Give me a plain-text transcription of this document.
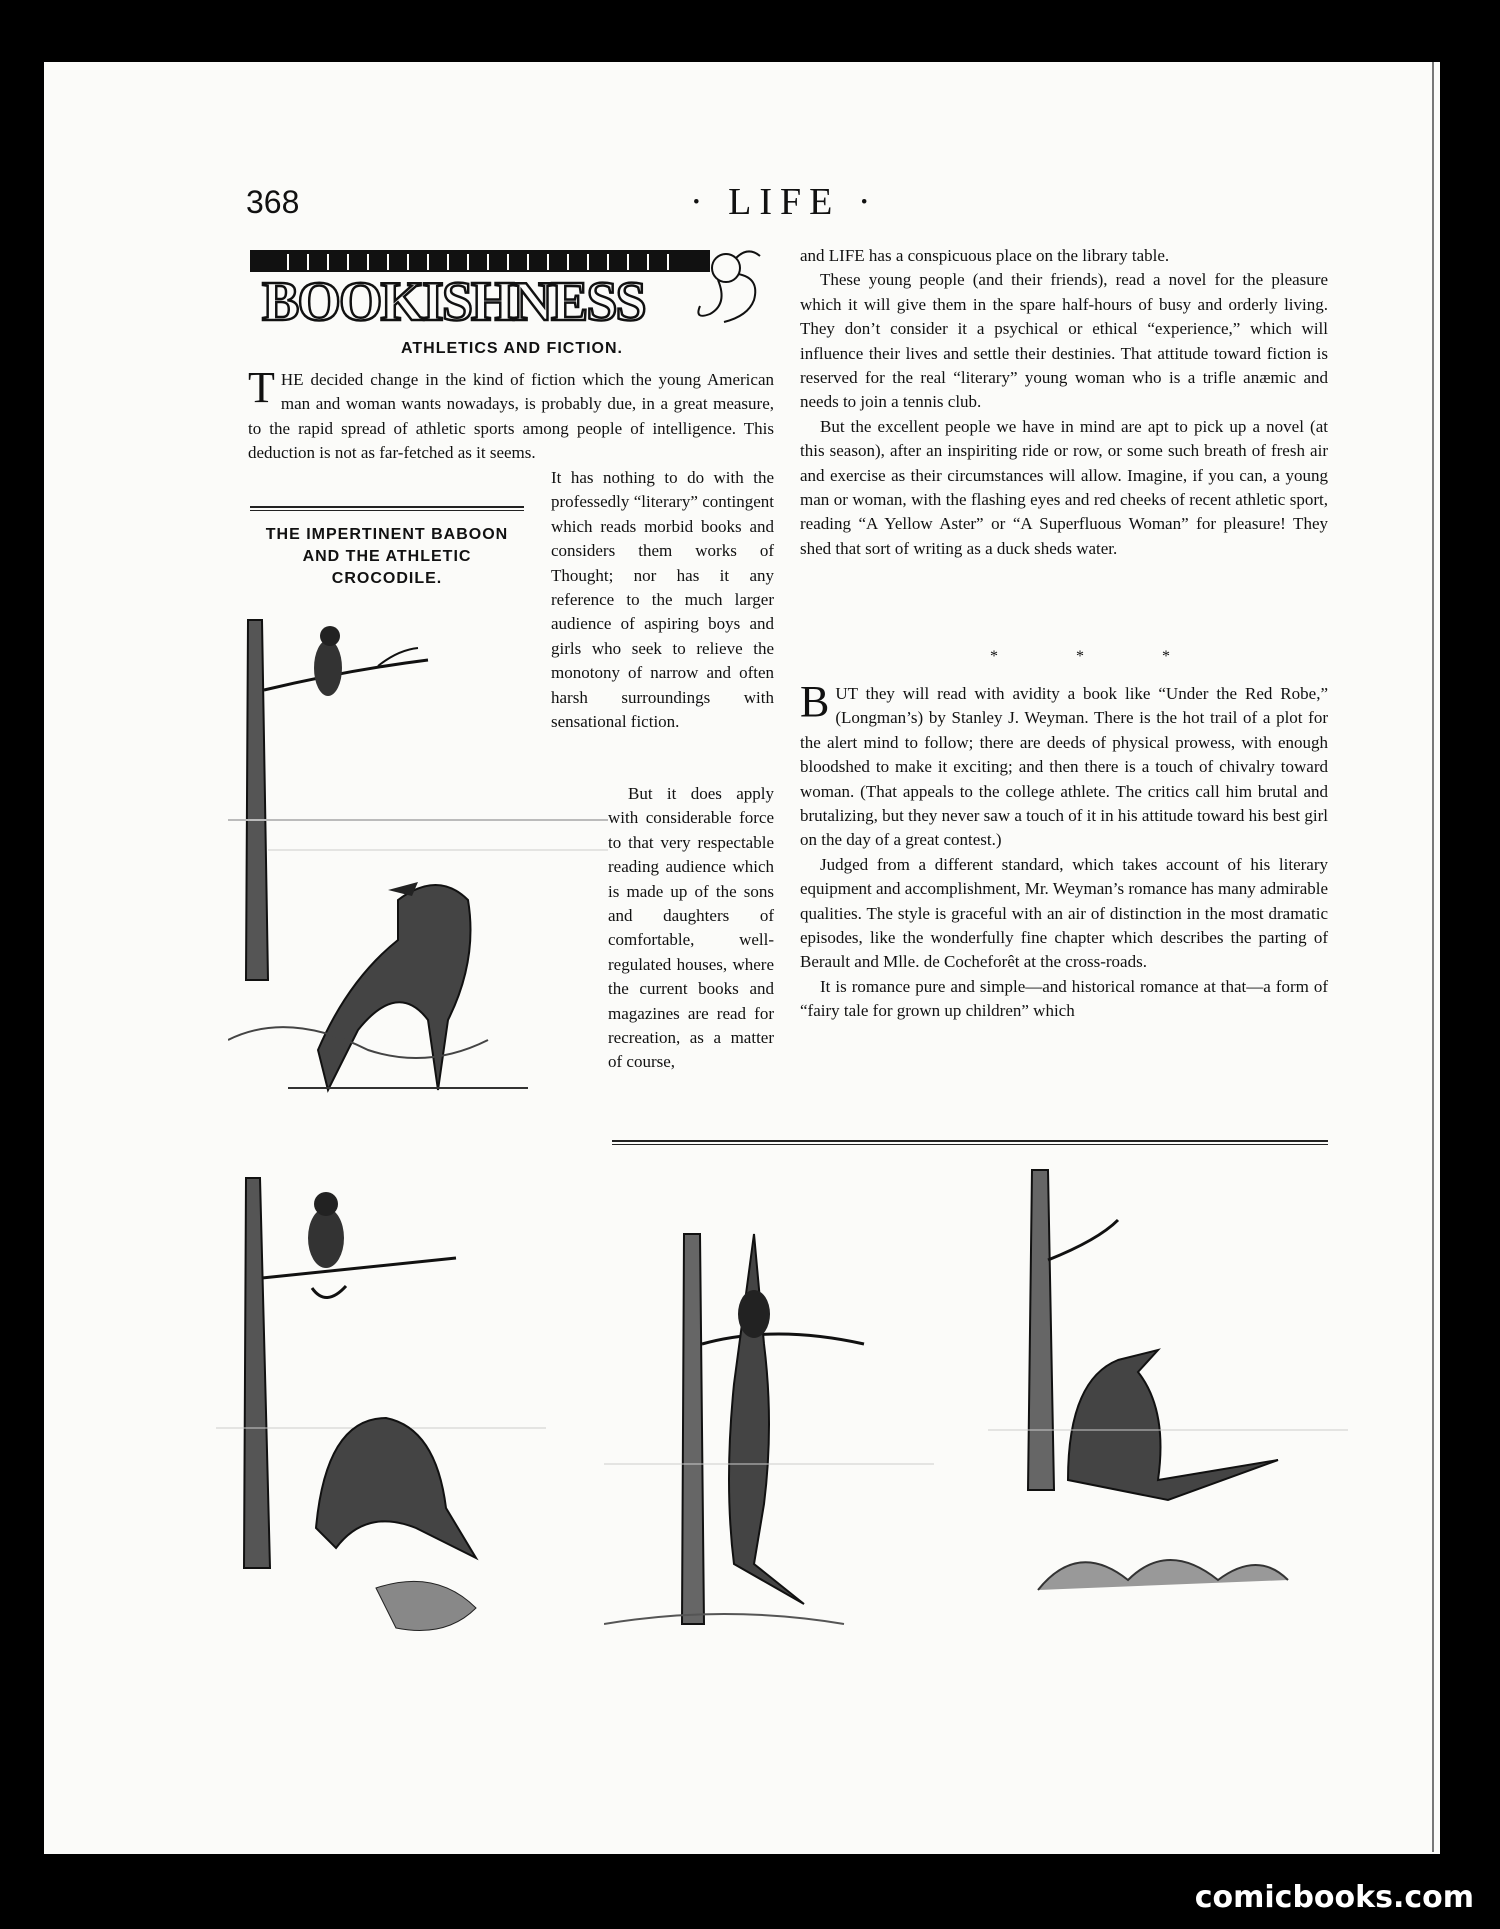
368	· LIFE ·
BOOKISHNESS
ATHLETICS AND FICTION.
T HE decided change in the kind of fiction which the young American man and woman wants nowadays, is probably due, in a great measure, to the rapid spread of athletic sports among people of intelligence. This deduction is not as far-fetched as it seems.
THE IMPERTINENT BABOON AND THE ATHLETIC CROCODILE.

It has nothing to do with the professedly “literary” contingent which reads morbid books and considers them works of Thought; nor has it any reference to the much larger audience of aspiring boys and girls who seek to relieve the monotony of narrow and often harsh surroundings with sensational fiction.

But it does apply with considerable force to that very respectable reading audience which is made up of the sons and daughters of comfortable, well-regulated houses, where the current books and magazines are read for recreation, as a matter of course,

and LIFE has a conspicuous place on the library table.

These young people (and their friends), read a novel for the pleasure which it will give them in the spare half-hours of busy and orderly living. They don’t consider it a psychical or ethical “experience,” which will influence their lives and settle their destinies. That attitude toward fiction is reserved for the real “literary” young woman who is a trifle anæmic and needs to join a tennis club.

But the excellent people we have in mind are apt to pick up a novel (at this season), after an inspiriting ride or row, or some such breath of fresh air and exercise as their circumstances will allow. Imagine, if you can, a young man or woman, with the flashing eyes and red cheeks of recent athletic sport, reading “A Yellow Aster” or “A Superfluous Woman” for pleasure! They shed that sort of writing as a duck sheds water.

*	*	*

BUT they will read with avidity a book like “Under the Red Robe,” (Longman’s) by Stanley J. Weyman. There is the hot trail of a plot for the alert mind to follow; there are deeds of physical prowess, with enough bloodshed to make it exciting; and then there is a touch of chivalry toward woman. (That appeals to the college athlete. The critics call him brutal and brutalizing, but they never saw a touch of it in his attitude toward his best girl on the day of a great contest.)

Judged from a different standard, which takes account of his literary equipment and accomplishment, Mr. Weyman’s romance has many admirable qualities. The style is graceful with an air of distinction in the most dramatic episodes, like the wonderfully fine chapter which describes the parting of Berault and Mlle. de Cocheforêt at the cross-roads.

It is romance pure and simple—and historical romance at that—a form of “fairy tale for grown up children” which

comicbooks.com
